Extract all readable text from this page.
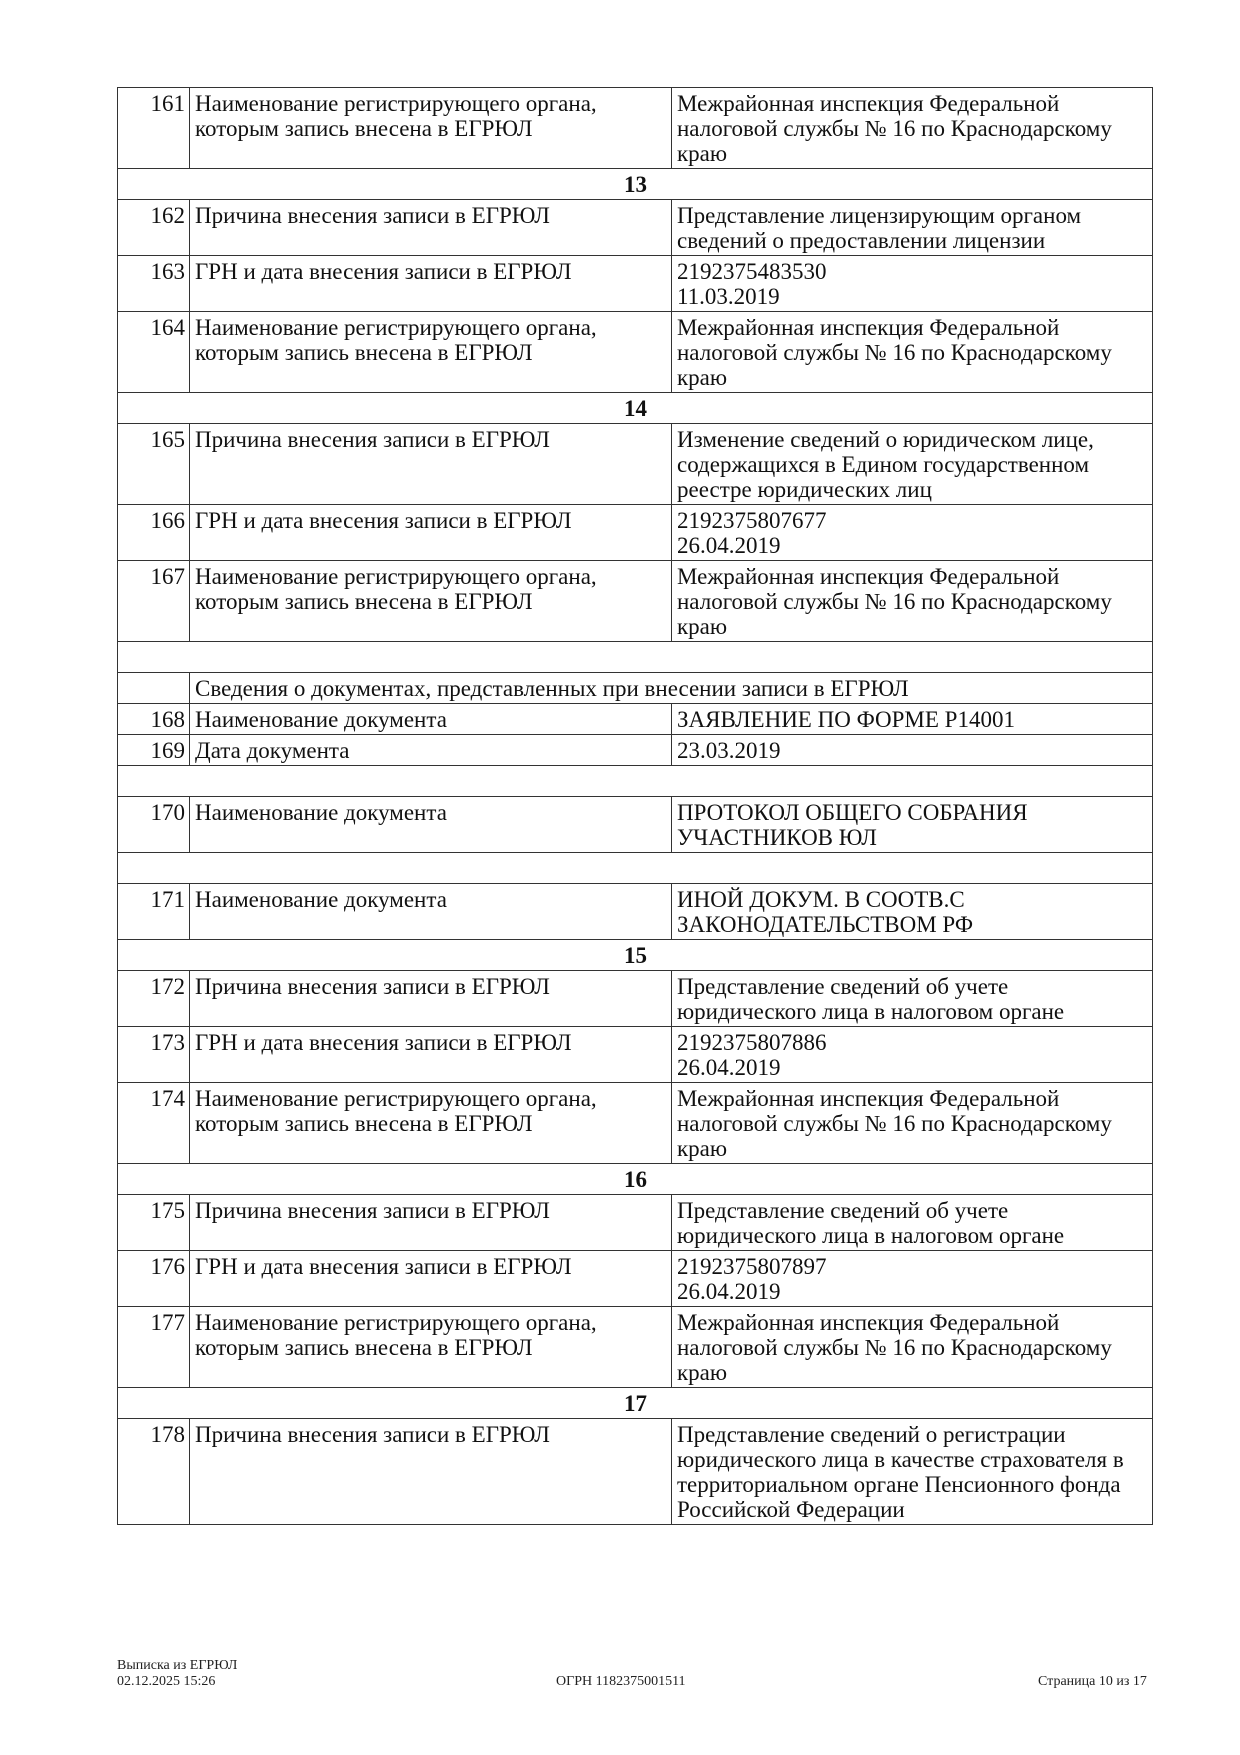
161	Наименование регистрирующего органа, которым запись внесена в ЕГРЮЛ	Межрайонная инспекция Федеральной налоговой службы № 16 по Краснодарскому краю
13		
162	Причина внесения записи в ЕГРЮЛ	Представление лицензирующим органом сведений о предоставлении лицензии
163	ГРН и дата внесения записи в ЕГРЮЛ	2192375483530
11.03.2019
164	Наименование регистрирующего органа, которым запись внесена в ЕГРЮЛ	Межрайонная инспекция Федеральной налоговой службы № 16 по Краснодарскому краю
14		
165	Причина внесения записи в ЕГРЮЛ	Изменение сведений о юридическом лице, содержащихся в Едином государственном реестре юридических лиц
166	ГРН и дата внесения записи в ЕГРЮЛ	2192375807677
26.04.2019
167	Наименование регистрирующего органа, которым запись внесена в ЕГРЮЛ	Межрайонная инспекция Федеральной налоговой службы № 16 по Краснодарскому краю

	Сведения о документах, представленных при внесении записи в ЕГРЮЛ	
168	Наименование документа	ЗАЯВЛЕНИЕ ПО ФОРМЕ Р14001
169	Дата документа	23.03.2019

170	Наименование документа	ПРОТОКОЛ ОБЩЕГО СОБРАНИЯ УЧАСТНИКОВ ЮЛ

171	Наименование документа	ИНОЙ ДОКУМ. В СООТВ.С ЗАКОНОДАТЕЛЬСТВОМ РФ
15		
172	Причина внесения записи в ЕГРЮЛ	Представление сведений об учете юридического лица в налоговом органе
173	ГРН и дата внесения записи в ЕГРЮЛ	2192375807886
26.04.2019
174	Наименование регистрирующего органа, которым запись внесена в ЕГРЮЛ	Межрайонная инспекция Федеральной налоговой службы № 16 по Краснодарскому краю
16		
175	Причина внесения записи в ЕГРЮЛ	Представление сведений об учете юридического лица в налоговом органе
176	ГРН и дата внесения записи в ЕГРЮЛ	2192375807897
26.04.2019
177	Наименование регистрирующего органа, которым запись внесена в ЕГРЮЛ	Межрайонная инспекция Федеральной налоговой службы № 16 по Краснодарскому краю
17		
178	Причина внесения записи в ЕГРЮЛ	Представление сведений о регистрации юридического лица в качестве страхователя в территориальном органе Пенсионного фонда Российской Федерации
Выписка из ЕГРЮЛ
02.12.2025 15:26	ОГРН 1182375001511	Страница 10 из 17
